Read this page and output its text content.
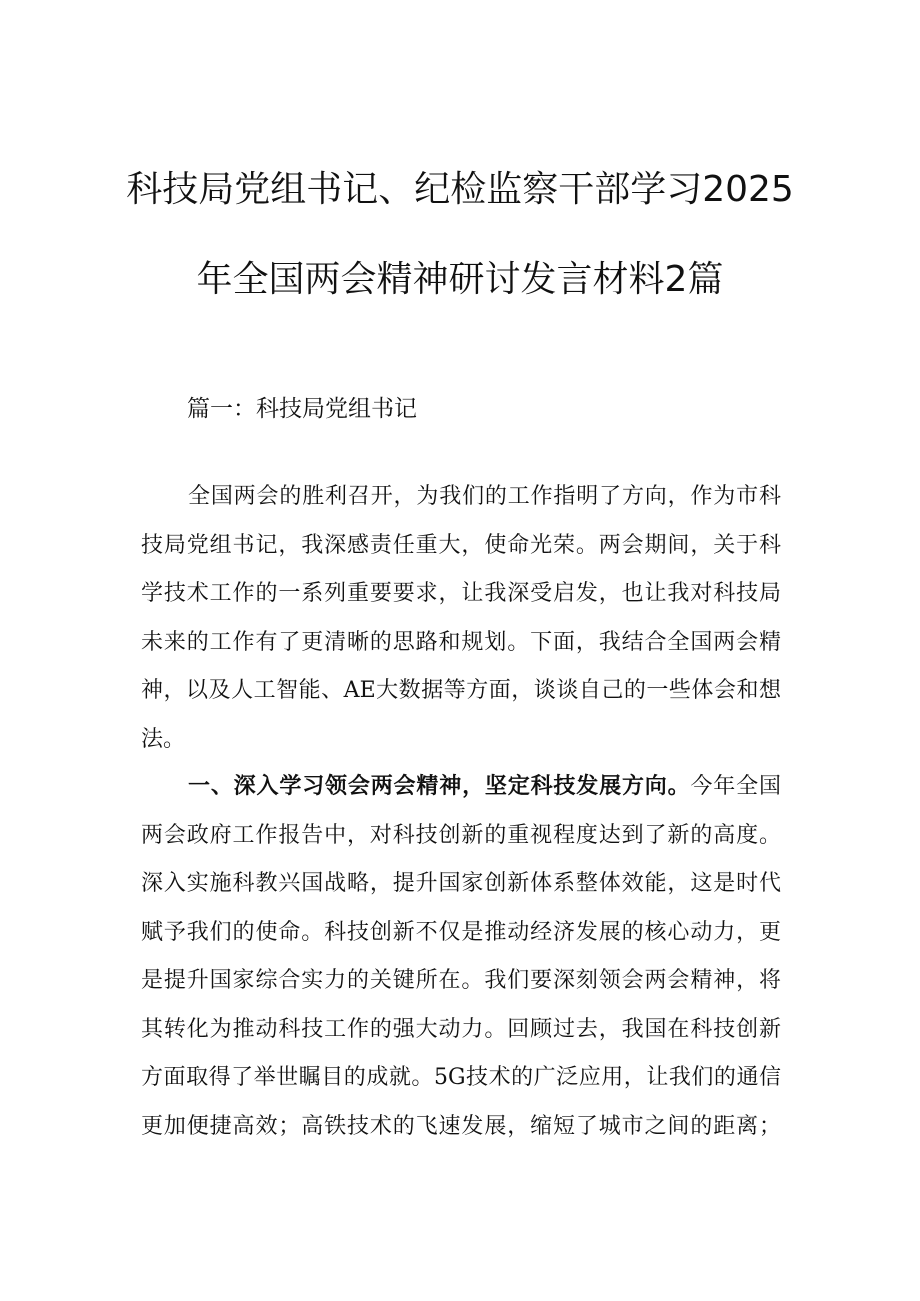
科技局党组书记、纪检监察干部学习2025
年全国两会精神研讨发言材料2篇
篇一：科技局党组书记
全国两会的胜利召开，为我们的工作指明了方向，作为市科
技局党组书记，我深感责任重大，使命光荣。两会期间，关于科
学技术工作的一系列重要要求，让我深受启发，也让我对科技局
未来的工作有了更清晰的思路和规划。下面，我结合全国两会精
神，以及人工智能、AE大数据等方面，谈谈自己的一些体会和想
法。
一、深入学习领会两会精神，坚定科技发展方向。今年全国
两会政府工作报告中，对科技创新的重视程度达到了新的高度。
深入实施科教兴国战略，提升国家创新体系整体效能，这是时代
赋予我们的使命。科技创新不仅是推动经济发展的核心动力，更
是提升国家综合实力的关键所在。我们要深刻领会两会精神，将
其转化为推动科技工作的强大动力。回顾过去，我国在科技创新
方面取得了举世瞩目的成就。5G技术的广泛应用，让我们的通信
更加便捷高效；高铁技术的飞速发展，缩短了城市之间的距离；
